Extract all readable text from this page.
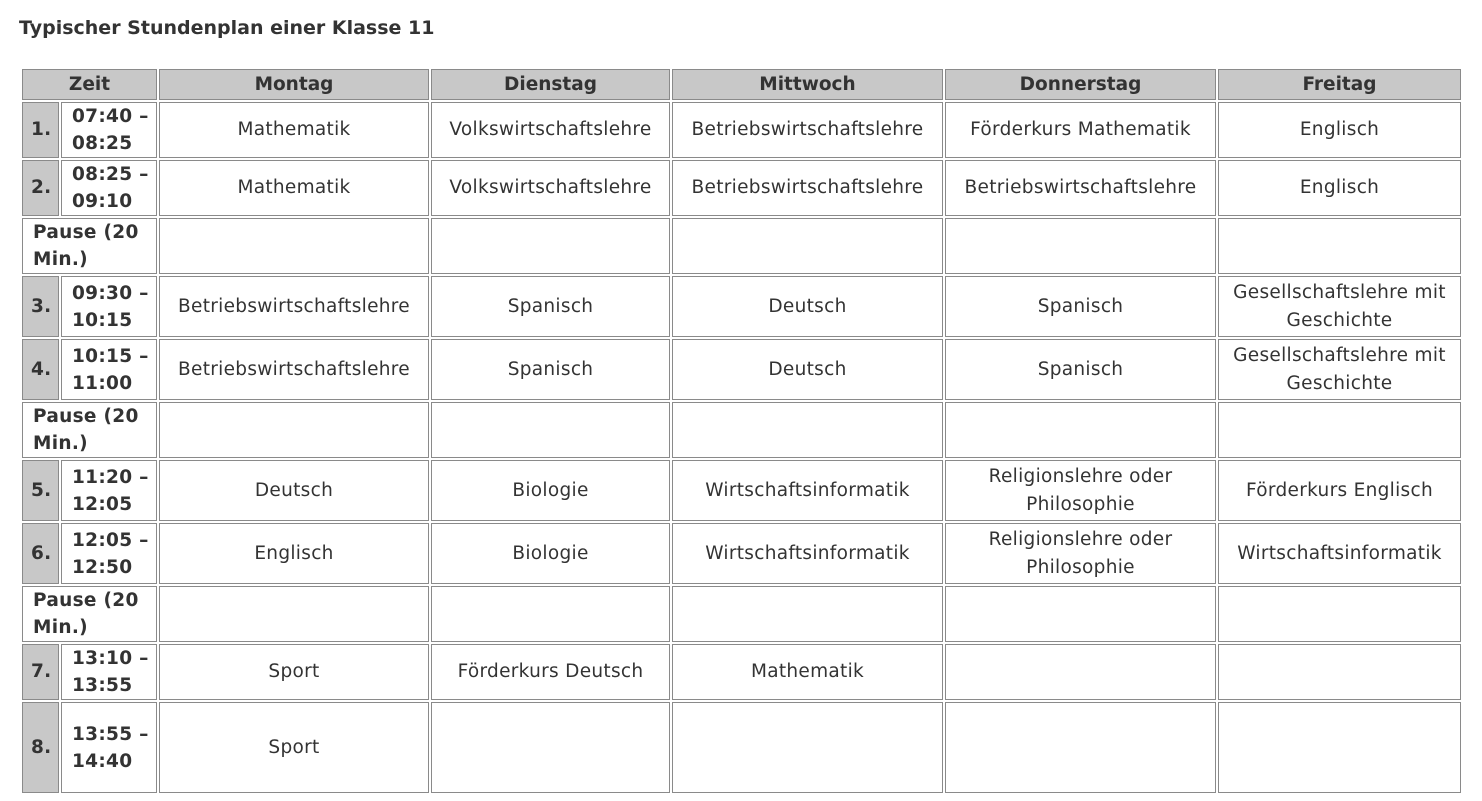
Typischer Stundenplan einer Klasse 11
Zeit		Montag	Dienstag	Mittwoch	Donnerstag	Freitag
1.	07:40 – 08:25	Mathematik	Volkswirtschaftslehre	Betriebswirtschaftslehre	Förderkurs Mathematik	Englisch
2.	08:25 – 09:10	Mathematik	Volkswirtschaftslehre	Betriebswirtschaftslehre	Betriebswirtschaftslehre	Englisch
Pause (20 Min.)						
3.	09:30 – 10:15	Betriebswirtschaftslehre	Spanisch	Deutsch	Spanisch	Gesellschaftslehre mit Geschichte
4.	10:15 – 11:00	Betriebswirtschaftslehre	Spanisch	Deutsch	Spanisch	Gesellschaftslehre mit Geschichte
Pause (20 Min.)						
5.	11:20 – 12:05	Deutsch	Biologie	Wirtschaftsinformatik	Religionslehre oder Philosophie	Förderkurs Englisch
6.	12:05 – 12:50	Englisch	Biologie	Wirtschaftsinformatik	Religionslehre oder Philosophie	Wirtschaftsinformatik
Pause (20 Min.)						
7.	13:10 – 13:55	Sport	Förderkurs Deutsch	Mathematik		
8.	13:55 – 14:40	Sport				
